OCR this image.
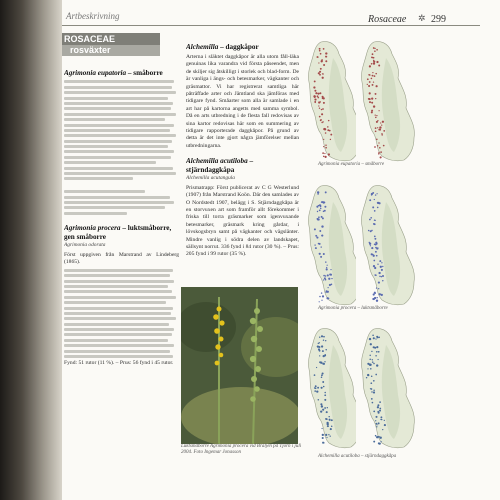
Artbeskrivning	Rosaceae ✲ 299
ROSACEAE
rosväxter
Agrimonia eupatoria – småborre
Agrimonia procera – luktsmåborre, gen småborre
Agrimonia odorata
Först uppgiven från Marstrand av Lindeberg (1865).
Fynd: 51 rutor (11 %). – Prus: 56 fynd i 45 rutor.
Alchemilla – daggkåpor
Arterna i släktet daggkåpor är alla utom fåll-läka genuinas lika varandra vid första påseendet, men de skiljer sig åtskilligt i storlek och blad-form. De är vanliga i ängs- och betesmarker, vägkanter och gräsmattor. Vi har registrerat samtliga här påträffade arter och Jämtland ska jämföras med tidigare fynd. Småarter som alla är samlade i en art har på kartorna angetts med samma symbol. Då en arts utbredning i de flesta fall redovisas av sina kartor redovisas här som en summering av tidigare rapporterade daggkåpor. På grund av detta är det inte gjort några jämförelser mellan utbredningarna.
Alchemilla acutiloba – stjärndaggkåpa
Alchemilla acutangula
Prismatrapp: Först publicerat av C G Westerlund (1907) från Marstrand Koön. Där den samlades av O Nordstedt 1907, belägg i S. Stjärndaggkåpa är en storvuxen art som framför allt förekommer i friska till torra gräsmarker som igenvuxande betesmarker, gräsmark kring gårdar, i lövskogsbryn samt på vägkanter och vägslänter. Mindre vanlig i södra delen av landskapet, sällsynt norrut. 336 fynd i 84 rutor (30 %). – Prus: 205 fynd i 99 rutor (35 %).
Luktsmåborre Agrimonia procera vid Bräljen på Tjörn i juli 2004. Foto Ingemar Jonasson
Agrimonia eupatoria – småborre
Agrimonia procera – luktsmåborre
Alchemilla acutiloba – stjärndaggkåpa
